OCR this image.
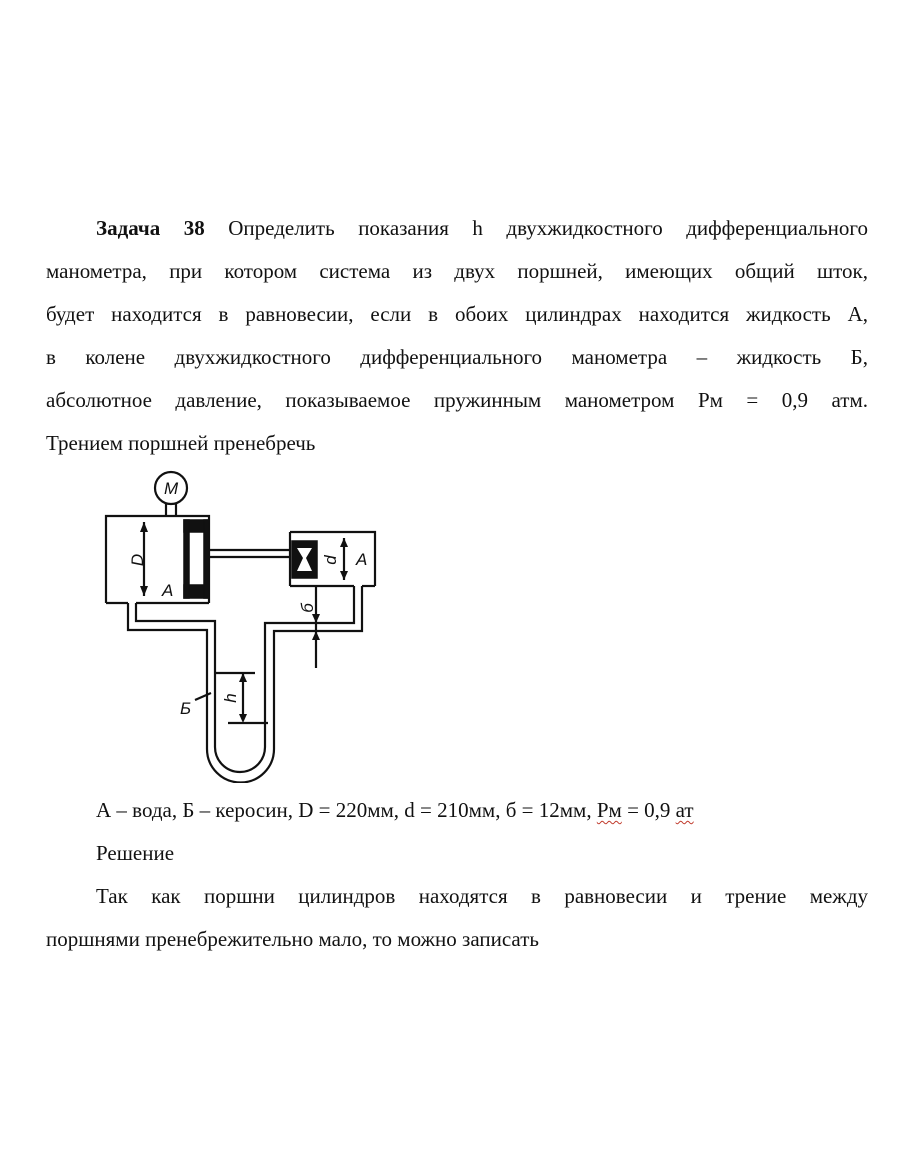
Задача 38 Определить показания h двухжидкостного дифференциального
манометра, при котором система из двух поршней, имеющих общий шток,
будет находится в равновесии, если в обоих цилиндрах находится жидкость А,
в колене двухжидкостного дифференциального манометра – жидкость Б,
абсолютное давление, показываемое пружинным манометром Pм = 0,9 атм.
Трением поршней пренебречь
M
D
A
d A
б
Б
h
А – вода, Б – керосин, D = 220мм, d = 210мм, б = 12мм, Рм = 0,9 ат
Решение
Так как поршни цилиндров находятся в равновесии и трение между
поршнями пренебрежительно мало, то можно записать
